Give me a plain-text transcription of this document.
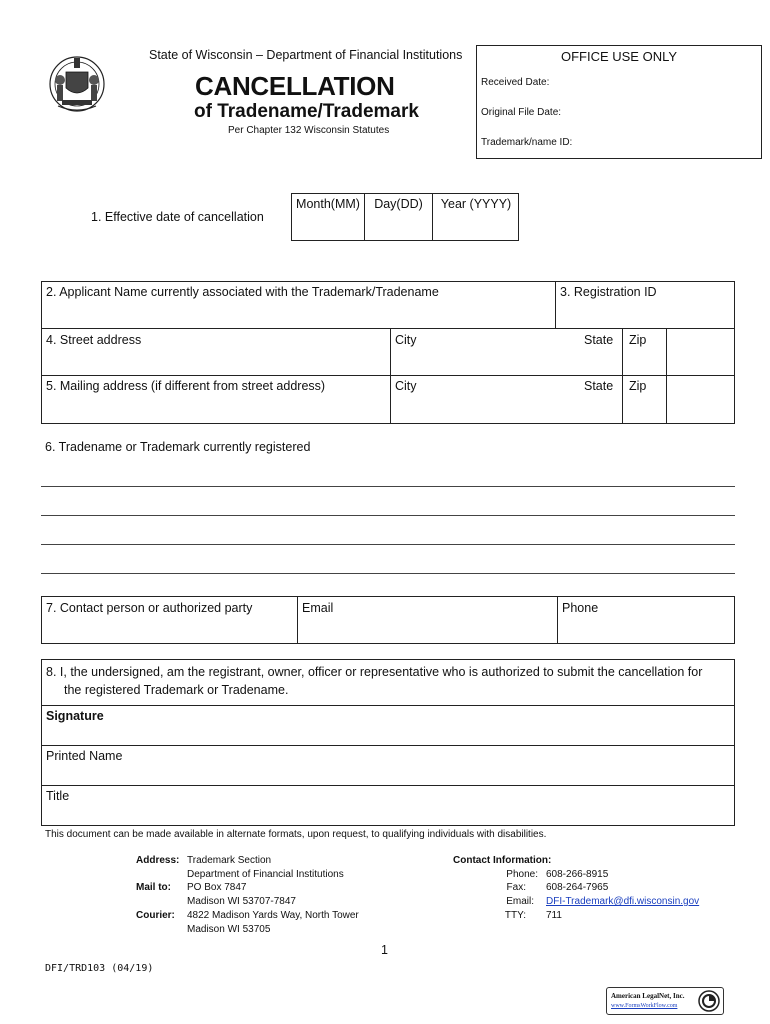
State of Wisconsin – Department of Financial Institutions
CANCELLATION
of Tradename/Trademark
Per Chapter 132 Wisconsin Statutes
OFFICE USE ONLY
Received Date:
Original File Date:
Trademark/name ID:
1. Effective date of cancellation
Month(MM)	Day(DD)	Year (YYYY)
2. Applicant Name currently associated with the Trademark/Tradename	3. Registration ID
4. Street address	City	State Zip
5. Mailing address (if different from street address)	City	State Zip
6. Tradename or Trademark currently registered
7. Contact person or authorized party	Email	Phone
8. I, the undersigned, am the registrant, owner, officer or representative who is authorized to submit the cancellation for
the registered Trademark or Tradename.
Signature
Printed Name
Title
This document can be made available in alternate formats, upon request, to qualifying individuals with disabilities.
Address: Trademark Section
Department of Financial Institutions
Mail to: PO Box 7847
Madison WI 53707-7847
Courier: 4822 Madison Yards Way, North Tower
Madison WI 53705
Contact Information:
Phone: 608-266-8915
Fax: 608-264-7965
Email: DFI-Trademark@dfi.wisconsin.gov
TTY: 711
1
DFI/TRD103 (04/19)
American LegalNet, Inc.
www.FormsWorkFlow.com
